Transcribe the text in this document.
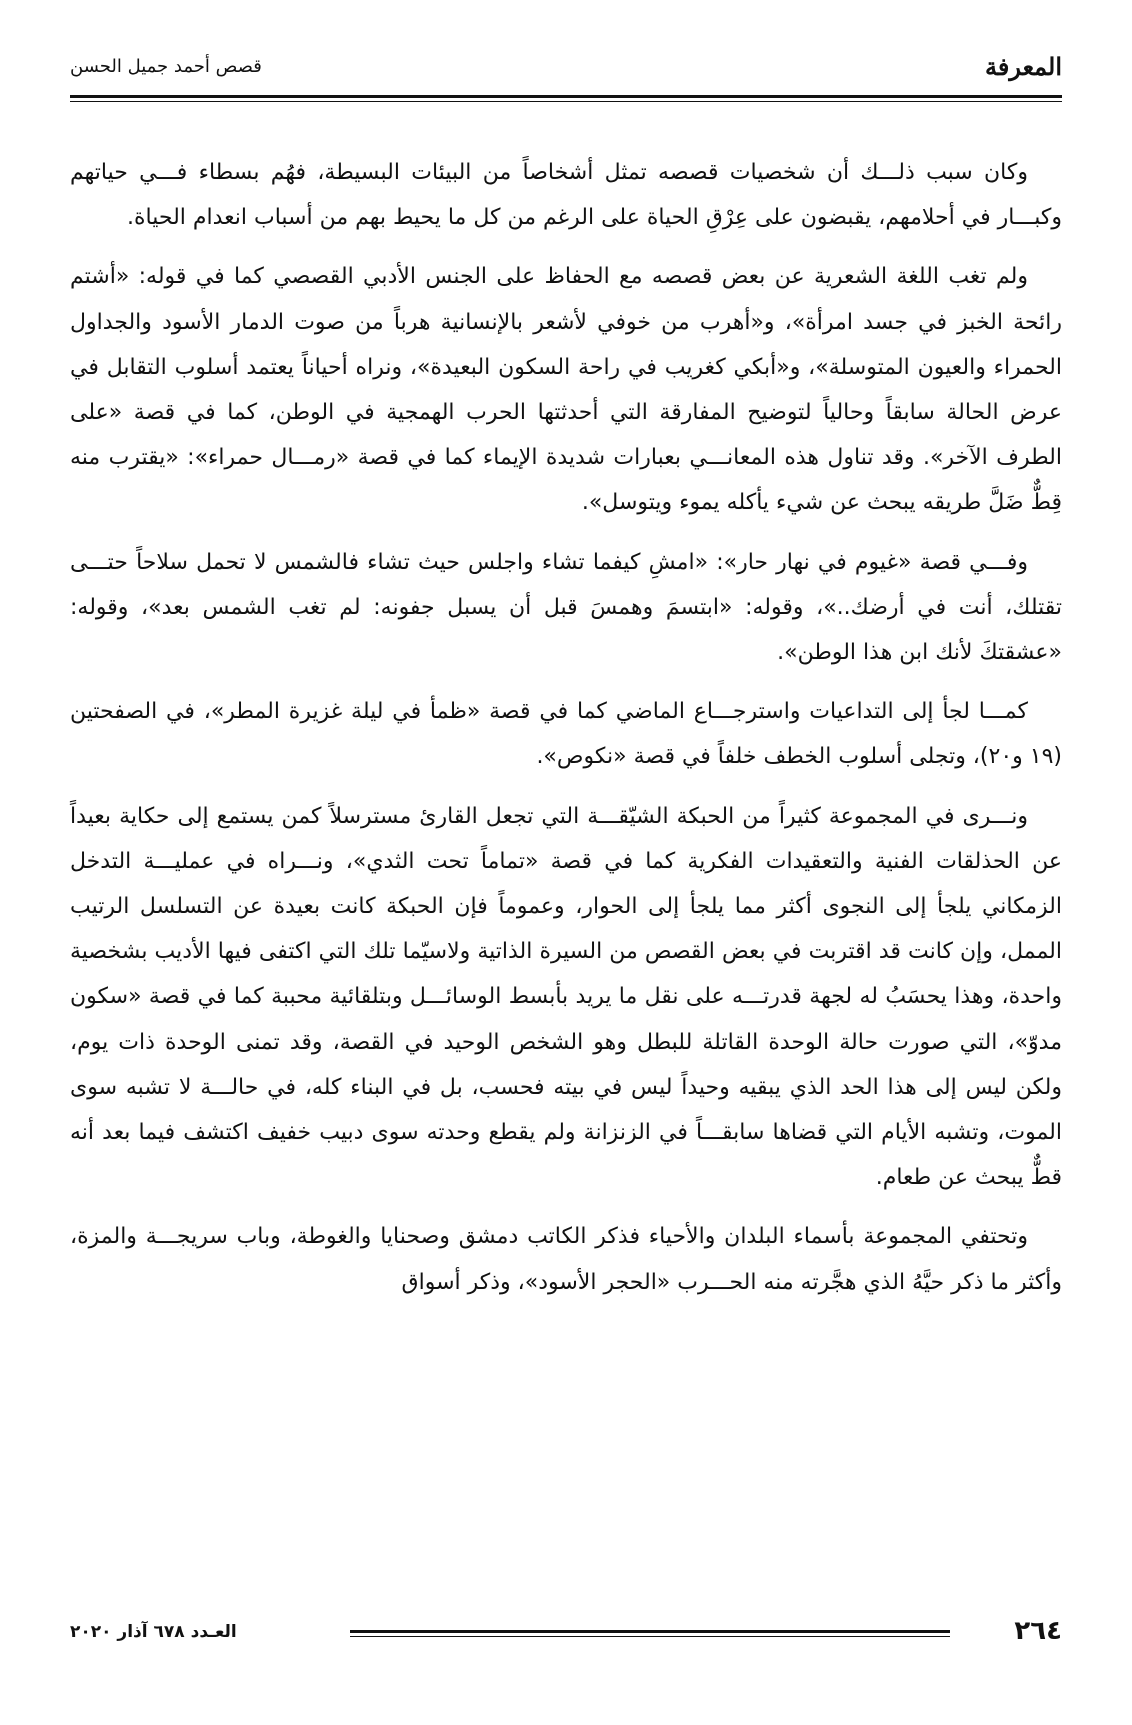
المعرفة
قصص أحمد جميل الحسن

وكان سبب ذلـــك أن شخصيات قصصه تمثل أشخاصاً من البيئات البسيطة، فهُم بسطاء فـــي حياتهم وكبـــار في أحلامهم، يقبضون على عِرْقِ الحياة على الرغم من كل ما يحيط بهم من أسباب انعدام الحياة.

ولم تغب اللغة الشعرية عن بعض قصصه مع الحفاظ على الجنس الأدبي القصصي كما في قوله: «أشتم رائحة الخبز في جسد امرأة»، و«أهرب من خوفي لأشعر بالإنسانية هرباً من صوت الدمار الأسود والجداول الحمراء والعيون المتوسلة»، و«أبكي كغريب في راحة السكون البعيدة»، ونراه أحياناً يعتمد أسلوب التقابل في عرض الحالة سابقاً وحالياً لتوضيح المفارقة التي أحدثتها الحرب الهمجية في الوطن، كما في قصة «على الطرف الآخر». وقد تناول هذه المعانـــي بعبارات شديدة الإيماء كما في قصة «رمـــال حمراء»: «يقترب منه قِطٌّ ضَلَّ طريقه يبحث عن شيء يأكله يموء ويتوسل».

وفـــي قصة «غيوم في نهار حار»: «امشِ كيفما تشاء واجلس حيث تشاء فالشمس لا تحمل سلاحاً حتـــى تقتلك، أنت في أرضك..»، وقوله: «ابتسمَ وهمسَ قبل أن يسبل جفونه: لم تغب الشمس بعد»، وقوله: «عشقتكَ لأنك ابن هذا الوطن».

كمـــا لجأ إلى التداعيات واسترجـــاع الماضي كما في قصة «ظمأ في ليلة غزيرة المطر»، في الصفحتين (١٩ و٢٠)، وتجلى أسلوب الخطف خلفاً في قصة «نكوص».

ونـــرى في المجموعة كثيراً من الحبكة الشيّقـــة التي تجعل القارئ مسترسلاً كمن يستمع إلى حكاية بعيداً عن الحذلقات الفنية والتعقيدات الفكرية كما في قصة «تماماً تحت الثدي»، ونـــراه في عمليـــة التدخل الزمكاني يلجأ إلى النجوى أكثر مما يلجأ إلى الحوار، وعموماً فإن الحبكة كانت بعيدة عن التسلسل الرتيب الممل، وإن كانت قد اقتربت في بعض القصص من السيرة الذاتية ولاسيّما تلك التي اكتفى فيها الأديب بشخصية واحدة، وهذا يحسَبُ له لجهة قدرتـــه على نقل ما يريد بأبسط الوسائـــل وبتلقائية محببة كما في قصة «سكون مدوّ»، التي صورت حالة الوحدة القاتلة للبطل وهو الشخص الوحيد في القصة، وقد تمنى الوحدة ذات يوم، ولكن ليس إلى هذا الحد الذي يبقيه وحيداً ليس في بيته فحسب، بل في البناء كله، في حالـــة لا تشبه سوى الموت، وتشبه الأيام التي قضاها سابقـــاً في الزنزانة ولم يقطع وحدته سوى دبيب خفيف اكتشف فيما بعد أنه قطٌّ يبحث عن طعام.

وتحتفي المجموعة بأسماء البلدان والأحياء فذكر الكاتب دمشق وصحنايا والغوطة، وباب سريجـــة والمزة، وأكثر ما ذكر حيَّهُ الذي هجَّرته منه الحـــرب «الحجر الأسود»، وذكر أسواق

٢٦٤
العـدد ٦٧٨ آذار ٢٠٢٠
